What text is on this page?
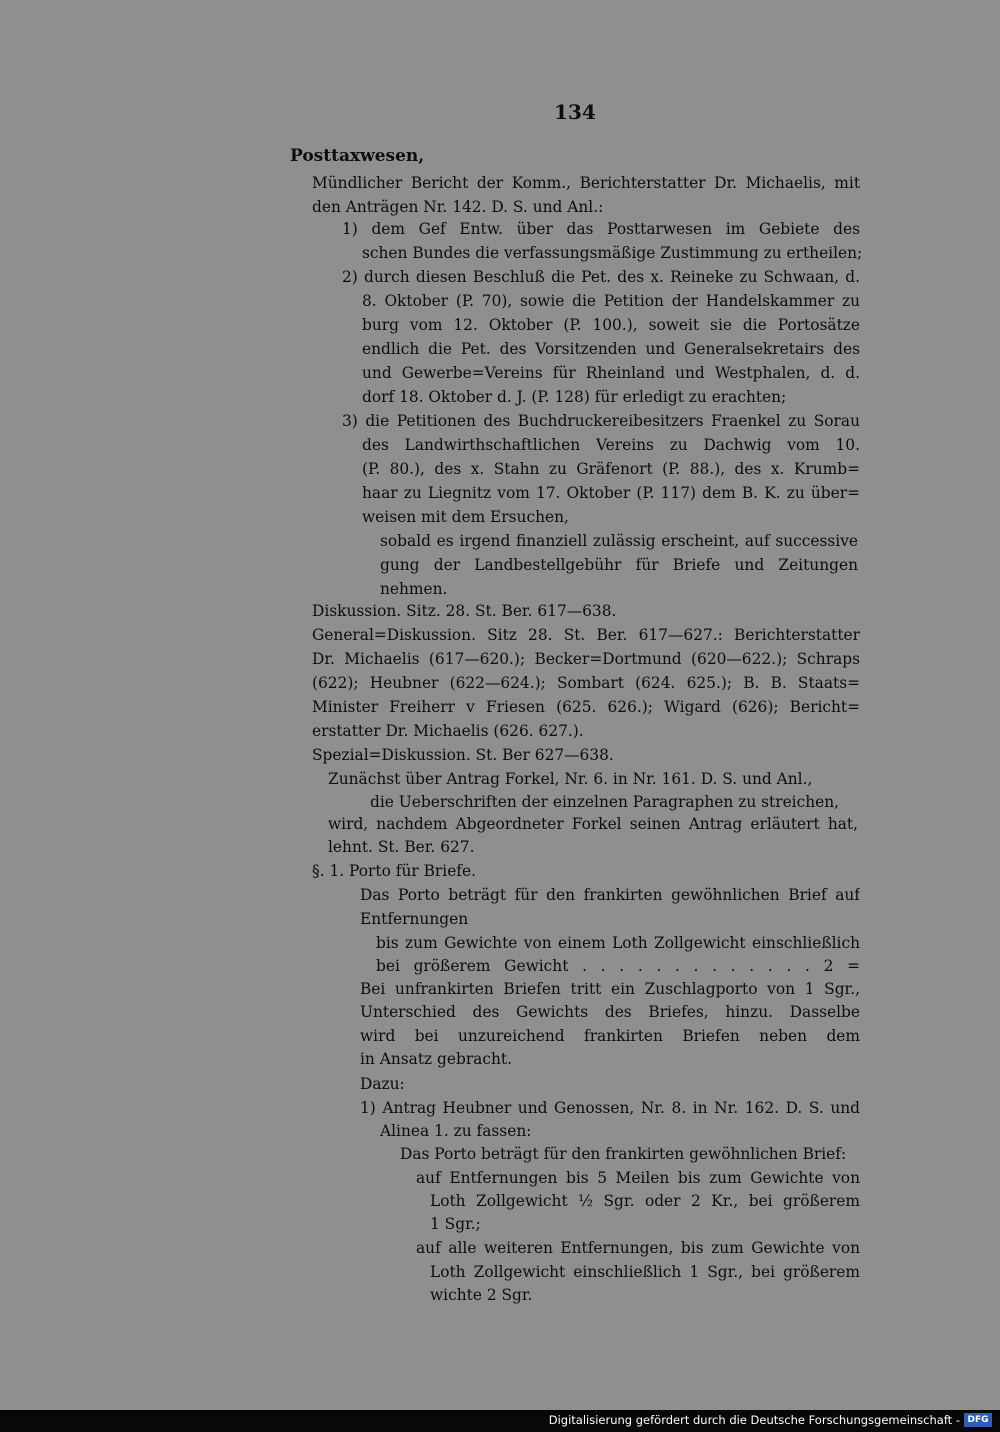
134
Posttaxwesen,
Mündlicher Bericht der Komm., Berichterstatter Dr. Michaelis, mit
den Anträgen Nr. 142. D. S. und Anl.:
1) dem Gef Entw. über das Posttarwesen im Gebiete des
schen Bundes die verfassungsmäßige Zustimmung zu ertheilen;
2) durch diesen Beschluß die Pet. des x. Reineke zu Schwaan, d.
8. Oktober (P. 70), sowie die Petition der Handelskammer zu
burg vom 12. Oktober (P. 100.), soweit sie die Portosätze
endlich die Pet. des Vorsitzenden und Generalsekretairs des
und Gewerbe=Vereins für Rheinland und Westphalen, d. d.
dorf 18. Oktober d. J. (P. 128) für erledigt zu erachten;
3) die Petitionen des Buchdruckereibesitzers Fraenkel zu Sorau
des Landwirthschaftlichen Vereins zu Dachwig vom 10.
(P. 80.), des x. Stahn zu Gräfenort (P. 88.), des x. Krumb=
haar zu Liegnitz vom 17. Oktober (P. 117) dem B. K. zu über=
weisen mit dem Ersuchen,
sobald es irgend finanziell zulässig erscheint, auf successive
gung der Landbestellgebühr für Briefe und Zeitungen
nehmen.
Diskussion. Sitz. 28. St. Ber. 617—638.
General=Diskussion. Sitz 28. St. Ber. 617—627.: Berichterstatter
Dr. Michaelis (617—620.); Becker=Dortmund (620—622.); Schraps
(622); Heubner (622—624.); Sombart (624. 625.); B. B. Staats=
Minister Freiherr v Friesen (625. 626.); Wigard (626); Bericht=
erstatter Dr. Michaelis (626. 627.).
Spezial=Diskussion. St. Ber 627—638.
Zunächst über Antrag Forkel, Nr. 6. in Nr. 161. D. S. und Anl.,
die Ueberschriften der einzelnen Paragraphen zu streichen,
wird, nachdem Abgeordneter Forkel seinen Antrag erläutert hat,
lehnt. St. Ber. 627.
§. 1. Porto für Briefe.
Das Porto beträgt für den frankirten gewöhnlichen Brief auf
Entfernungen
bis zum Gewichte von einem Loth Zollgewicht einschließlich
bei größerem Gewicht . . . . . . . . . . . . . 2 =
Bei unfrankirten Briefen tritt ein Zuschlagporto von 1 Sgr.,
Unterschied des Gewichts des Briefes, hinzu. Dasselbe
wird bei unzureichend frankirten Briefen neben dem
in Ansatz gebracht.
Dazu:
1) Antrag Heubner und Genossen, Nr. 8. in Nr. 162. D. S. und
Alinea 1. zu fassen:
Das Porto beträgt für den frankirten gewöhnlichen Brief:
auf Entfernungen bis 5 Meilen bis zum Gewichte von
Loth Zollgewicht ½ Sgr. oder 2 Kr., bei größerem
1 Sgr.;
auf alle weiteren Entfernungen, bis zum Gewichte von
Loth Zollgewicht einschließlich 1 Sgr., bei größerem
wichte 2 Sgr.
Digitalisierung gefördert durch die Deutsche Forschungsgemeinschaft - DFG
